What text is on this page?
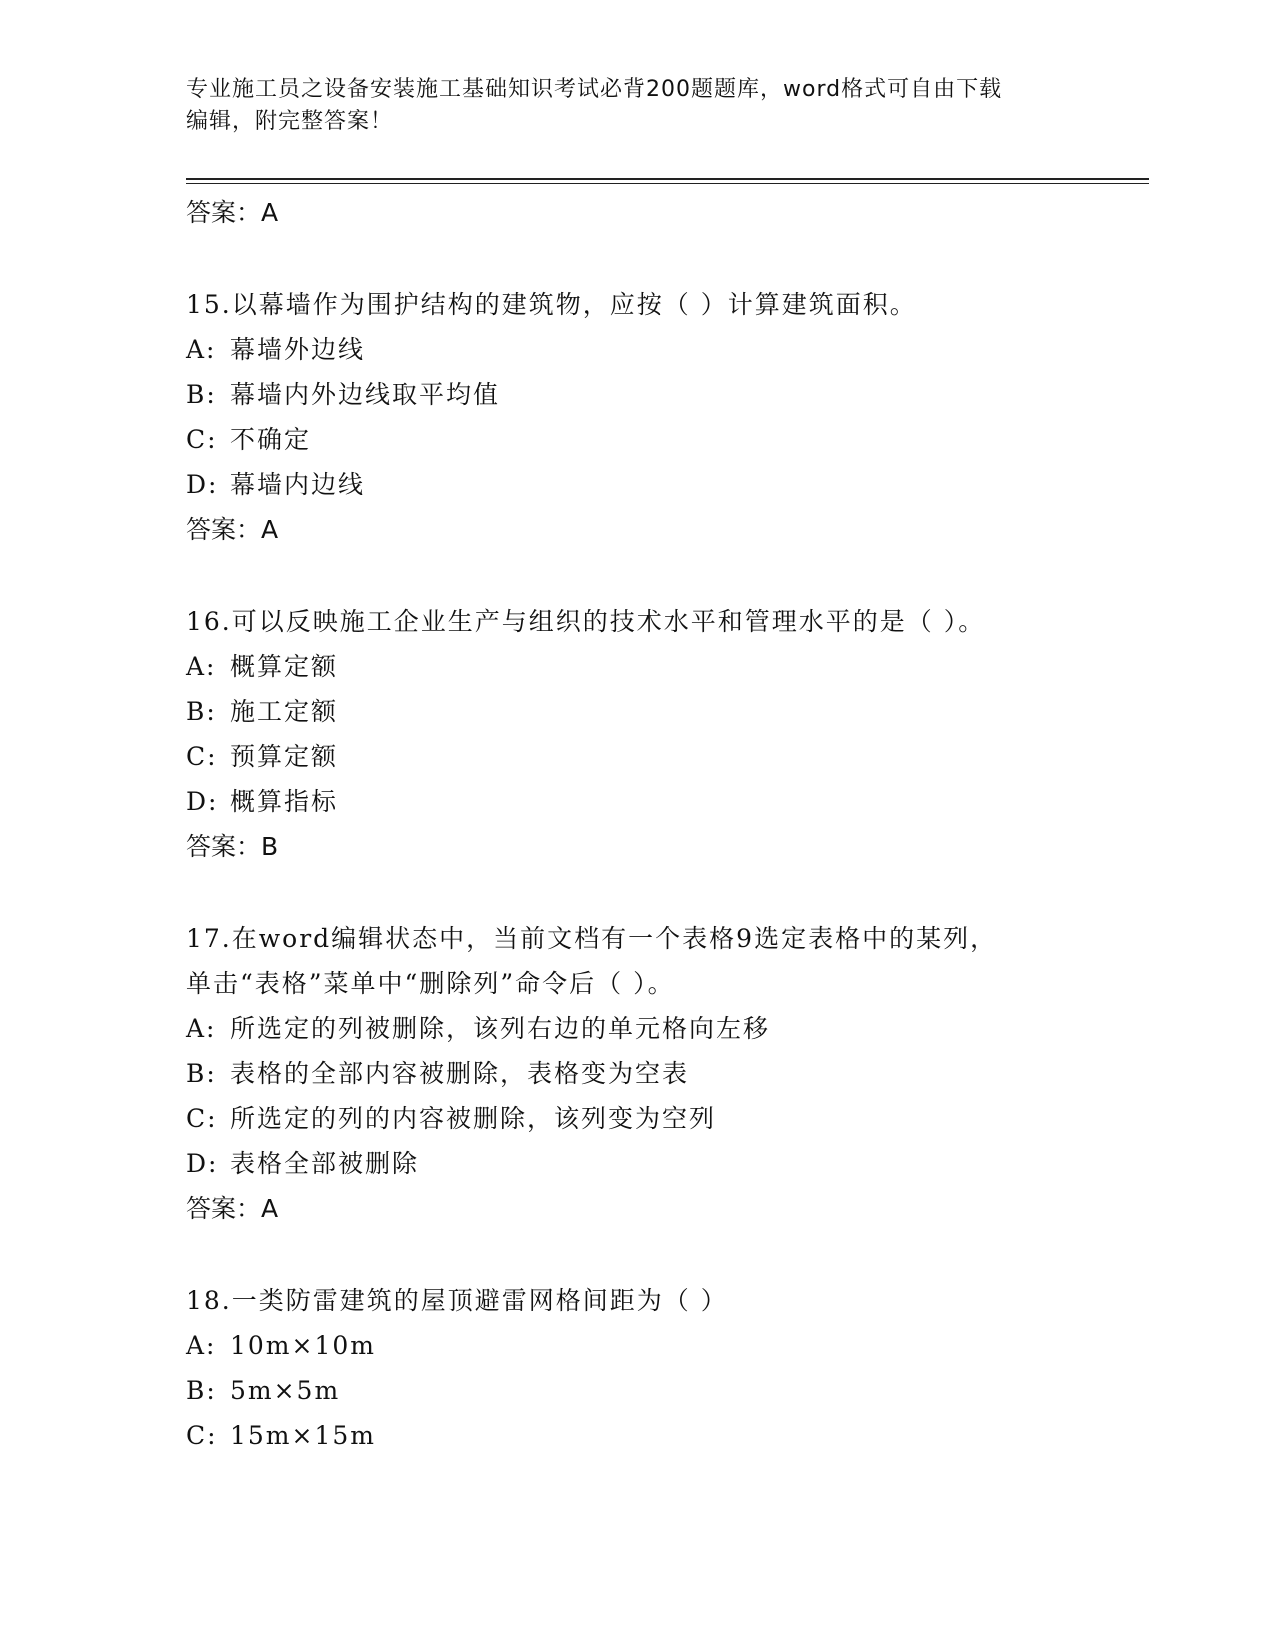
专业施工员之设备安装施工基础知识考试必背200题题库，word格式可自由下载
编辑，附完整答案！
答案：A
15.以幕墙作为围护结构的建筑物，应按（ ）计算建筑面积。
A: 幕墙外边线
B: 幕墙内外边线取平均值
C: 不确定
D: 幕墙内边线
答案：A
16.可以反映施工企业生产与组织的技术水平和管理水平的是（ ）。
A: 概算定额
B: 施工定额
C: 预算定额
D: 概算指标
答案：B
17.在word编辑状态中，当前文档有一个表格9选定表格中的某列，
单击“表格”菜单中“删除列”命令后（ ）。
A: 所选定的列被删除，该列右边的单元格向左移
B: 表格的全部内容被删除，表格变为空表
C: 所选定的列的内容被删除，该列变为空列
D: 表格全部被删除
答案：A
18.一类防雷建筑的屋顶避雷网格间距为（ ）
A: 10m×10m
B: 5m×5m
C: 15m×15m
